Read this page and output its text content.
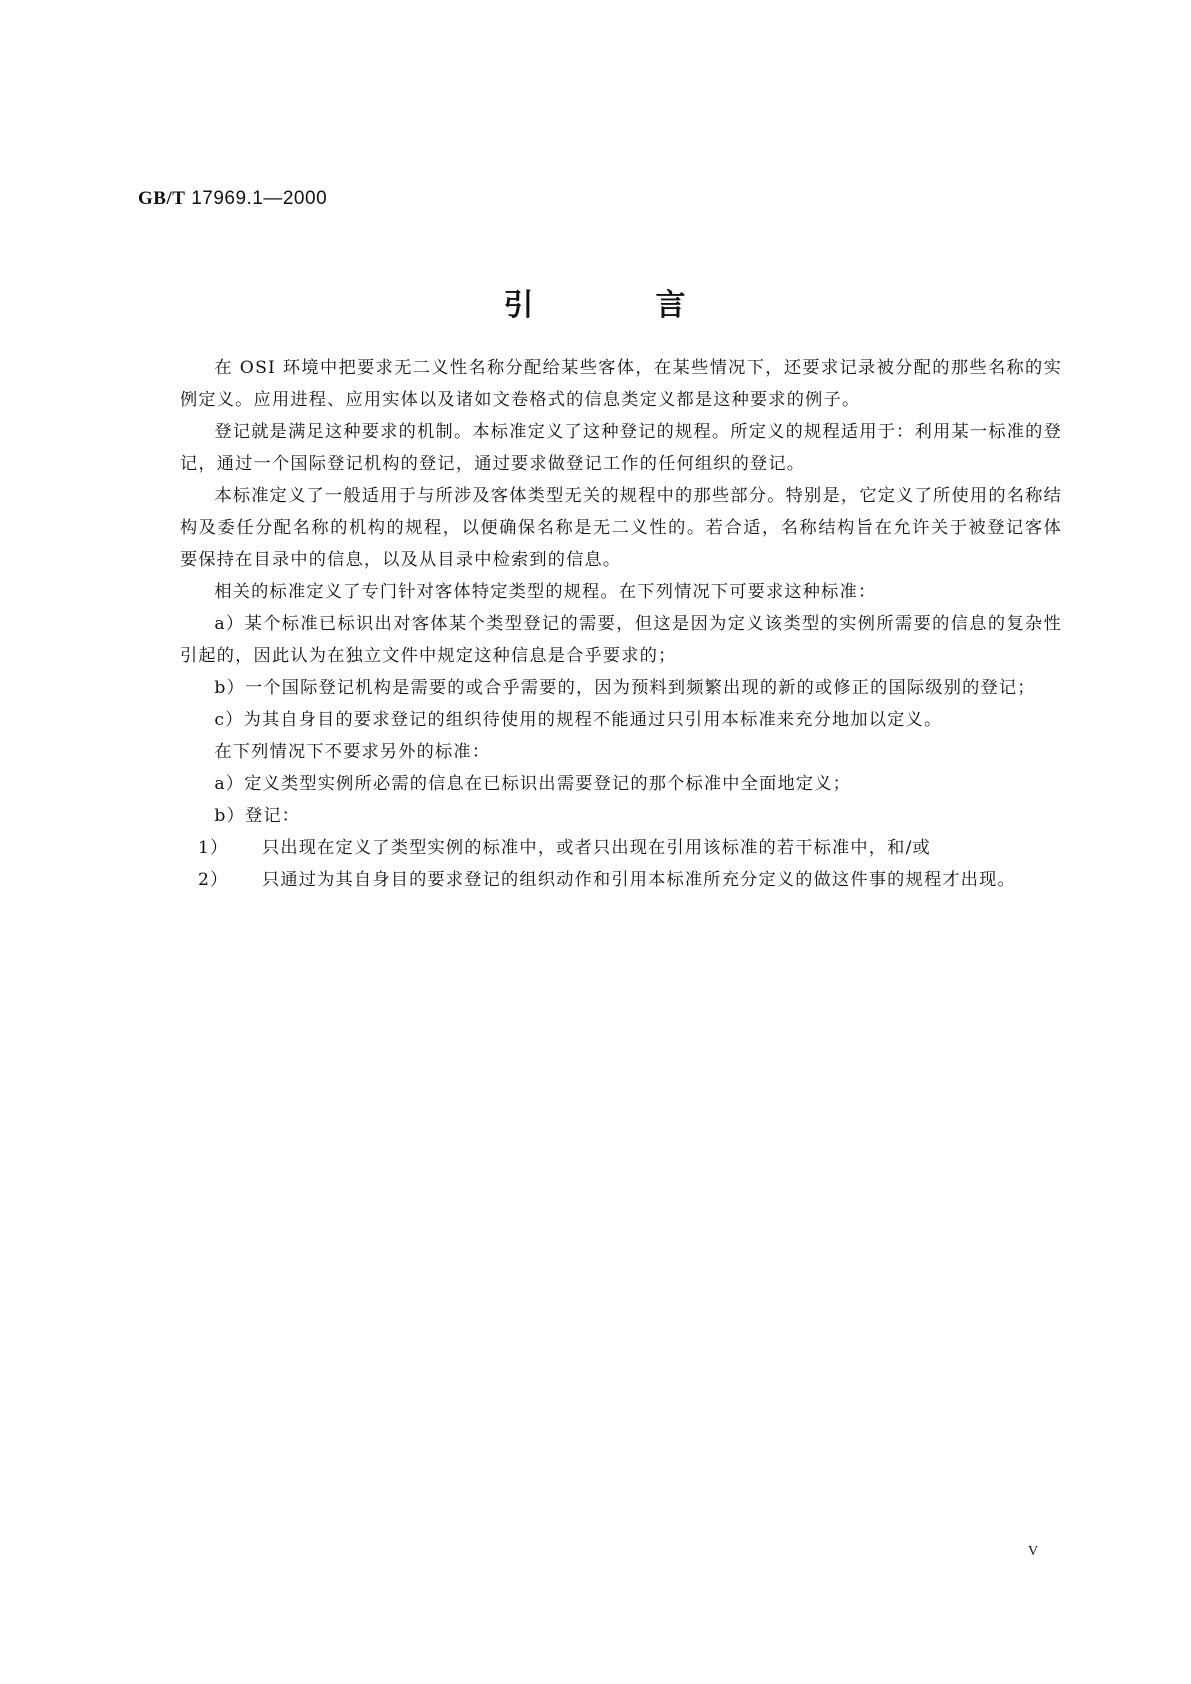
GB/T 17969.1—2000
引	言

在 OSI 环境中把要求无二义性名称分配给某些客体，在某些情况下，还要求记录被分配的那些名称的实例定义。应用进程、应用实体以及诸如文卷格式的信息类定义都是这种要求的例子。

登记就是满足这种要求的机制。本标准定义了这种登记的规程。所定义的规程适用于：利用某一标准的登记，通过一个国际登记机构的登记，通过要求做登记工作的任何组织的登记。

本标准定义了一般适用于与所涉及客体类型无关的规程中的那些部分。特别是，它定义了所使用的名称结构及委任分配名称的机构的规程，以便确保名称是无二义性的。若合适，名称结构旨在允许关于被登记客体要保持在目录中的信息，以及从目录中检索到的信息。

相关的标准定义了专门针对客体特定类型的规程。在下列情况下可要求这种标准：

a）某个标准已标识出对客体某个类型登记的需要，但这是因为定义该类型的实例所需要的信息的复杂性引起的，因此认为在独立文件中规定这种信息是合乎要求的；

b）一个国际登记机构是需要的或合乎需要的，因为预料到频繁出现的新的或修正的国际级别的登记；

c）为其自身目的要求登记的组织待使用的规程不能通过只引用本标准来充分地加以定义。

在下列情况下不要求另外的标准：

a）定义类型实例所必需的信息在已标识出需要登记的那个标准中全面地定义；

b）登记：

1） 只出现在定义了类型实例的标准中，或者只出现在引用该标准的若干标准中，和/或
2） 只通过为其自身目的要求登记的组织动作和引用本标准所充分定义的做这件事的规程才出现。
V
